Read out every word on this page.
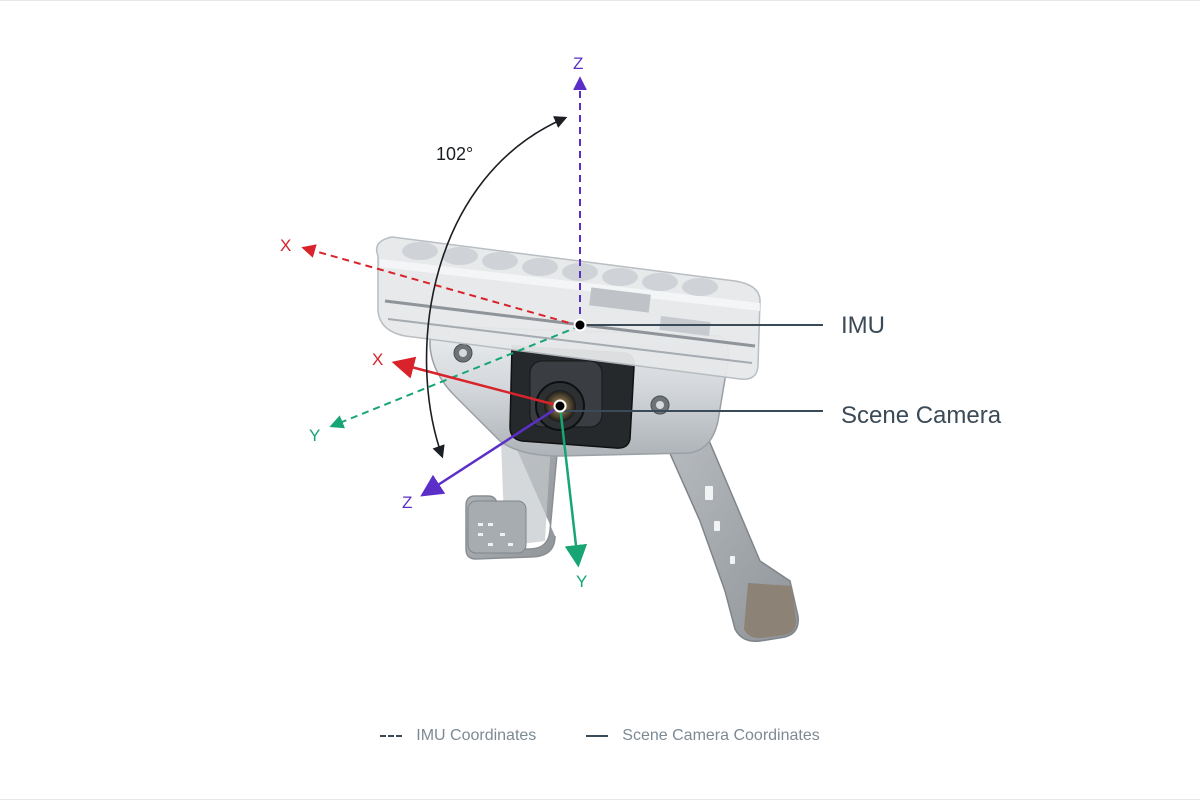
Z
X
Y
X
Y
Z
102°
IMU
Scene Camera
IMU Coordinates	Scene Camera Coordinates
